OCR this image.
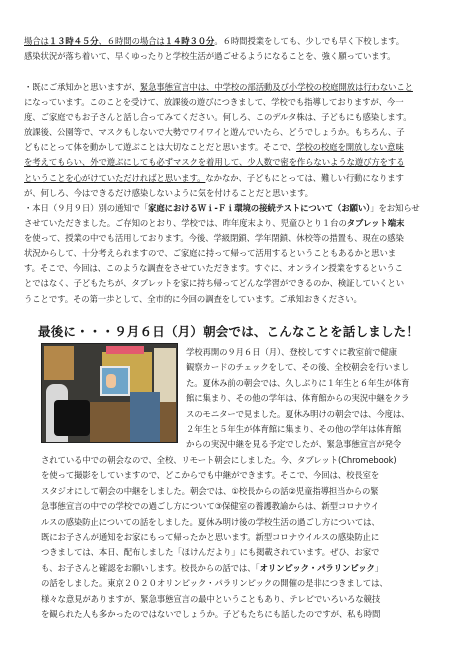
場合は１３時４５分、６時間の場合は１４時３０分。６時間授業をしても、少しでも早く下校します。
感染状況が落ち着いて、早くゆったりと学校生活が過ごせるようになることを、強く願っています。
・既にご承知かと思いますが、緊急事態宣言中は、中学校の部活動及び小学校の校庭開放は行わないこと
になっています。このことを受けて、放課後の遊びにつきまして、学校でも指導しておりますが、今一
度、ご家庭でもお子さんと話し合ってみてください。何しろ、このデルタ株は、子どもにも感染します。
放課後、公園等で、マスクもしないで大勢でワイワイと遊んでいたら、どうでしょうか。もちろん、子
どもにとって体を動かして遊ぶことは大切なことだと思います。そこで、学校の校庭を開放しない意味
を考えてもらい、外で遊ぶにしても必ずマスクを着用して、少人数で密を作らないような遊び方をする
ということを心がけていただければと思います。なかなか、子どもにとっては、難しい行動になります
が、何しろ、今はできるだけ感染しないように気を付けることだと思います。
・本日（９月９日）別の通知で「家庭におけるＷｉ-Ｆｉ環境の接続テストについて（お願い）」をお知らせ
させていただきました。ご存知のとおり、学校では、昨年度末より、児童ひとり１台のタブレット端末
を使って、授業の中でも活用しております。今後、学級閉鎖、学年閉鎖、休校等の措置も、現在の感染
状況からして、十分考えられますので、ご家庭に持って帰って活用するということもあるかと思いま
す。そこで、今回は、このような調査をさせていただきます。すぐに、オンライン授業をするというこ
とではなく、子どもたちが、タブレットを家に持ち帰ってどんな学習ができるのか、検証していくとい
うことです。その第一歩として、全市的に今回の調査をしています。ご承知おきください。
最後に・・・９月６日（月）朝会では、こんなことを話しました！
学校再開の９月６日（月）、登校してすぐに教室前で健康
観察カードのチェックをして、その後、全校朝会を行いまし
た。夏休み前の朝会では、久しぶりに１年生と６年生が体育
館に集まり、その他の学年は、体育館からの実況中継をクラ
スのモニターで見ました。夏休み明けの朝会では、今度は、
２年生と５年生が体育館に集まり、その他の学年は体育館
からの実況中継を見る予定でしたが、緊急事態宣言が発令
されている中での朝会なので、全校、リモート朝会にしました。今、タブレット(Chromebook)
を使って撮影をしていますので、どこからでも中継ができます。そこで、今回は、校長室を
スタジオにして朝会の中継をしました。朝会では、①校長からの話②児童指導担当からの緊
急事態宣言の中での学校での過ごし方について③保健室の養護教諭からは、新型コロナウイ
ルスの感染防止についての話をしました。夏休み明け後の学校生活の過ごし方については、
既にお子さんが通知をお家にもって帰ったかと思います。新型コロナウイルスの感染防止に
つきましては、本日、配布しました「ほけんだより」にも掲載されています。ぜひ、お家で
も、お子さんと確認をお願いします。校長からの話では、「オリンピック・パラリンピック」
の話をしました。東京２０２０オリンピック・パラリンピックの開催の是非につきましては、
様々な意見がありますが、緊急事態宣言の最中ということもあり、テレビでいろいろな競技
を観られた人も多かったのではないでしょうか。子どもたちにも話したのですが、私も時間
